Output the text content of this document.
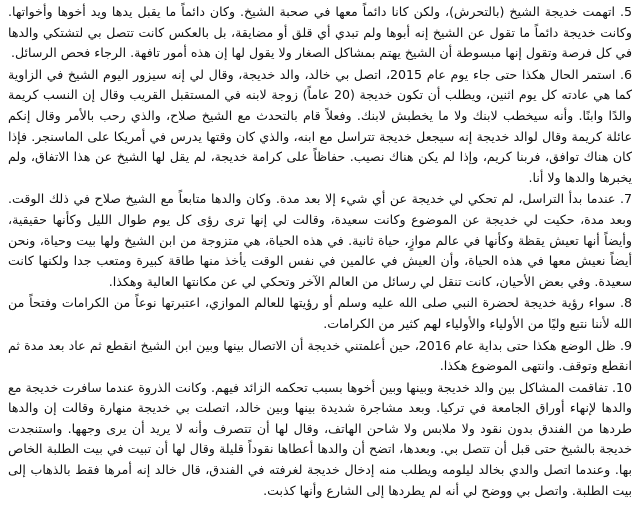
5. اتهمت خديجة الشيخ (بالتحرش)، ولكن كانا دائماً معها في صحبة الشيخ. وكان دائماً ما يقبل يدها ويد أخوها وأخواتها. وكانت خديجة دائماً ما تقول عن الشيخ إنه أبوها ولم تبدي أي قلق أو مضايقة، بل بالعكس كانت تتصل بي لتشتكي والدها في كل فرصة وتقول إنها مبسوطة أن الشيخ يهتم بمشاكل الصغار ولا يقول لها إن هذه أمور تافهة. الرجاء فحص الرسائل.

6. استمر الحال هكذا حتى جاء يوم عام 2015، اتصل بي خالد، والد خديجة، وقال لي إنه سيزور اليوم الشيخ في الزاوية كما هي عادته كل يوم اثنين، ويطلب أن تكون خديجة (20 عاماً) زوجة لابنه في المستقبل القريب وقال إن النسب كريمة والدًا وابنًا. وأنه سيخطب لابنك ولا ما يخطبش لابنك. وفعلاً قام بالتحدث مع الشيخ صلاح، والذي رحب بالأمر وقال إنكم عائلة كريمة وقال لوالد خديجة إنه سيجعل خديجة تتراسل مع ابنه، والذي كان وقتها يدرس في أمريكا على الماسنجر. فإذا كان هناك توافق، فربنا كريم، وإذا لم يكن هناك نصيب. حفاظاً على كرامة خديجة، لم يقل لها الشيخ عن هذا الاتفاق، ولم يخبرها والدها ولا أنا.

7. عندما بدأ التراسل، لم تحكي لي خديجة عن أي شيء إلا بعد مدة. وكان والدها متابعاً مع الشيخ صلاح في ذلك الوقت. وبعد مدة، حكيت لي خديجة عن الموضوع وكانت سعيدة، وقالت لي إنها ترى رؤى كل يوم طوال الليل وكأنها حقيقية، وأيضاً أنها تعيش يقظة وكأنها في عالم موازٍ، حياة ثانية. في هذه الحياة، هي متزوجة من ابن الشيخ ولها بيت وحياة، ونحن أيضاً نعيش معها في هذه الحياة، وأن العيش في عالمين في نفس الوقت يأخذ منها طاقة كبيرة ومتعب جدا ولكنها كانت سعيدة. وفي بعض الأحيان، كانت تنقل لي رسائل من العالم الآخر وتحكي لي عن مكانتها العالية وهكذا.

8. سواء رؤية خديجة لحضرة النبي صلى الله عليه وسلم أو رؤيتها للعالم الموازي، اعتبرتها نوعاً من الكرامات وفتحاً من الله لأننا نتبع وليًا من الأولياء والأولياء لهم كثير من الكرامات.

9. ظل الوضع هكذا حتى بداية عام 2016، حين أعلمتني خديجة أن الاتصال بينها وبين ابن الشيخ انقطع ثم عاد بعد مدة ثم انقطع وتوقف. وانتهى الموضوع هكذا.

10. تفاقمت المشاكل بين والد خديجة وبينها وبين أخوها بسبب تحكمه الزائد فيهم. وكانت الذروة عندما سافرت خديجة مع والدها لإنهاء أوراق الجامعة في تركيا. وبعد مشاجرة شديدة بينها وبين خالد، اتصلت بي خديجة منهارة وقالت إن والدها طردها من الفندق بدون نقود ولا ملابس ولا شاحن الهاتف، وقال لها أن تتصرف وأنه لا يريد أن يرى وجهها. واستنجدت خديجة بالشيخ حتى قبل أن تتصل بي. وبعدها، اتضح أن والدها أعطاها نقوداً قليلة وقال لها أن تبيت في بيت الطلبة الخاص بها. وعندما اتصل والدي بخالد ليلومه ويطلب منه إدخال خديجة لغرفته في الفندق، قال خالد إنه أمرها فقط بالذهاب إلى بيت الطلبة. واتصل بي ووضح لي أنه لم يطردها إلى الشارع وأنها كذبت.
